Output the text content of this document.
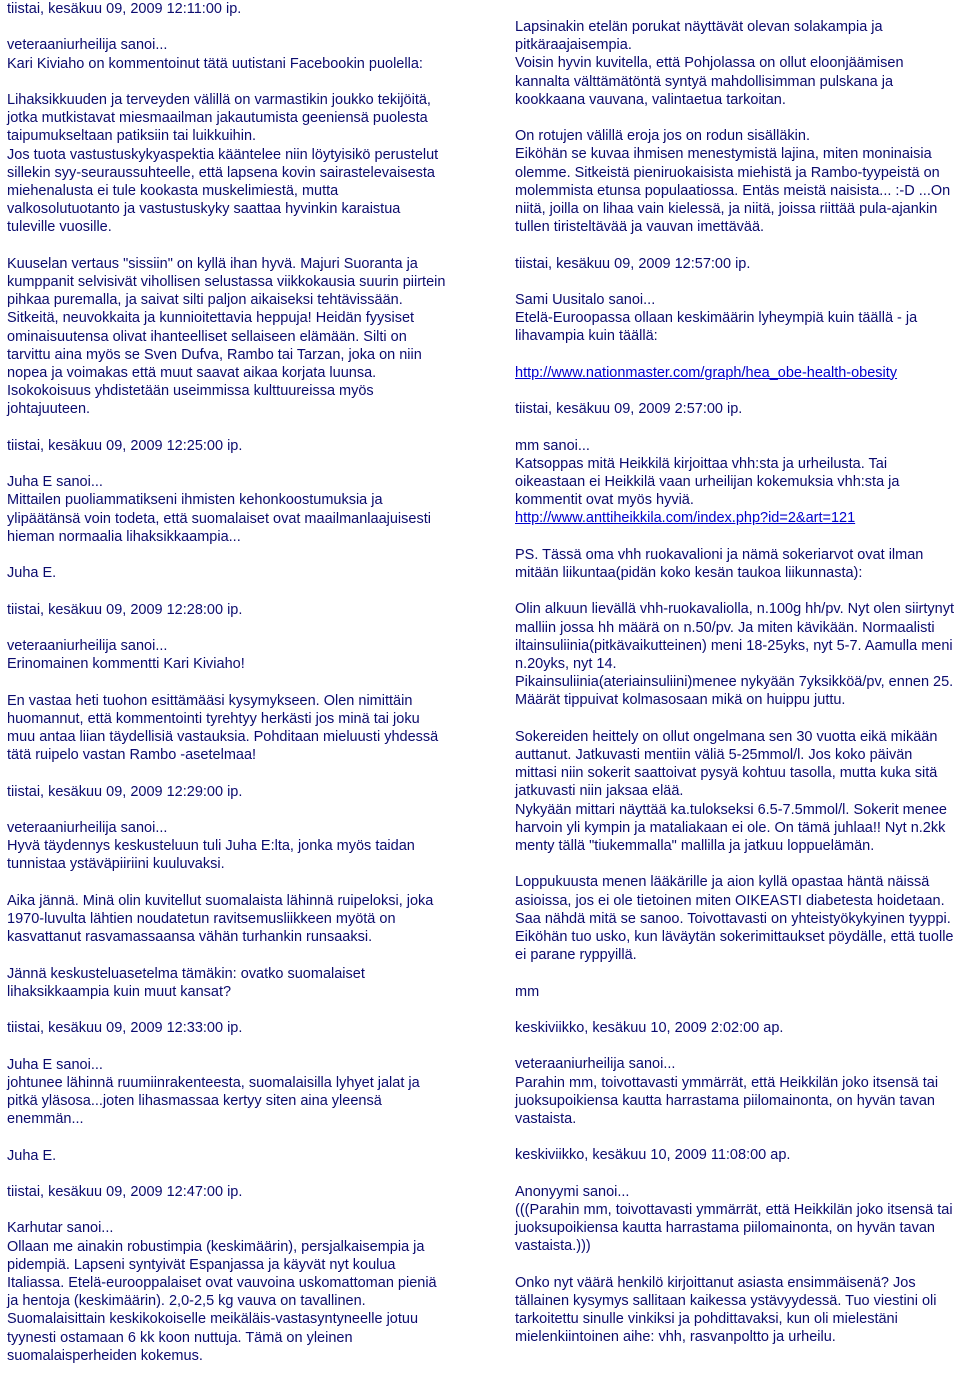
tiistai, kesäkuu 09, 2009 12:11:00 ip.

veteraaniurheilija sanoi...

Kari Kiviaho on kommentoinut tätä uutistani Facebookin puolella:

Lihaksikkuuden ja terveyden välillä on varmastikin joukko tekijöitä, jotka mutkistavat miesmaailman jakautumista geeniensä puolesta taipumukseltaan patiksiin tai luikkuihin.

Jos tuota vastustuskykyaspektia kääntelee niin löytyisikö perustelut sillekin syy-seuraussuhteelle, että lapsena kovin sairastelevaisesta miehenalusta ei tule kookasta muskelimiestä, mutta valkosolutuotanto ja vastustuskyky saattaa hyvinkin karaistua tuleville vuosille.

Kuuselan vertaus "sissiin" on kyllä ihan hyvä. Majuri Suoranta ja kumppanit selvisivät vihollisen selustassa viikkokausia suurin piirtein pihkaa puremalla, ja saivat silti paljon aikaiseksi tehtävissään. Sitkeitä, neuvokkaita ja kunnioitettavia heppuja! Heidän fyysiset ominaisuutensa olivat ihanteelliset sellaiseen elämään. Silti on tarvittu aina myös se Sven Dufva, Rambo tai Tarzan, joka on niin nopea ja voimakas että muut saavat aikaa korjata luunsa. Isokokoisuus yhdistetään useimmissa kulttuureissa myös johtajuuteen.

tiistai, kesäkuu 09, 2009 12:25:00 ip.

Juha E sanoi...

Mittailen puoliammatikseni ihmisten kehonkoostumuksia ja ylipäätänsä voin todeta, että suomalaiset ovat maailmanlaajuisesti hieman normaalia lihaksikkaampia...

Juha E.

tiistai, kesäkuu 09, 2009 12:28:00 ip.

veteraaniurheilija sanoi...

Erinomainen kommentti Kari Kiviaho!

En vastaa heti tuohon esittämääsi kysymykseen. Olen nimittäin huomannut, että kommentointi tyrehtyy herkästi jos minä tai joku muu antaa liian täydellisiä vastauksia. Pohditaan mieluusti yhdessä tätä ruipelo vastan Rambo -asetelmaa!

tiistai, kesäkuu 09, 2009 12:29:00 ip.

veteraaniurheilija sanoi...

Hyvä täydennys keskusteluun tuli Juha E:lta, jonka myös taidan tunnistaa ystäväpiiriini kuuluvaksi.

Aika jännä. Minä olin kuvitellut suomalaista lähinnä ruipeloksi, joka 1970-luvulta lähtien noudatetun ravitsemusliikkeen myötä on kasvattanut rasvamassaansa vähän turhankin runsaaksi.

Jännä keskusteluasetelma tämäkin: ovatko suomalaiset lihaksikkaampia kuin muut kansat?

tiistai, kesäkuu 09, 2009 12:33:00 ip.

Juha E sanoi...

johtunee lähinnä ruumiinrakenteesta, suomalaisilla lyhyet jalat ja pitkä yläsosa...joten lihasmassaa kertyy siten aina yleensä enemmän...

Juha E.

tiistai, kesäkuu 09, 2009 12:47:00 ip.

Karhutar sanoi...

Ollaan me ainakin robustimpia (keskimäärin), persjalkaisempia ja pidempiä. Lapseni syntyivät Espanjassa ja käyvät nyt koulua Italiassa. Etelä-eurooppalaiset ovat vauvoina uskomattoman pieniä ja hentoja (keskimäärin). 2,0-2,5 kg vauva on tavallinen. Suomalaisittain keskikokoiselle meikäläis-vastasyntyneelle jotuu tyynesti ostamaan 6 kk koon nuttuja. Tämä on yleinen suomalaisperheiden kokemus.

Lapsinakin etelän porukat näyttävät olevan solakampia ja pitkäraajaisempia.
Voisin hyvin kuvitella, että Pohjolassa on ollut eloonjäämisen kannalta välttämätöntä syntyä mahdollisimman pulskana ja kookkaana vauvana, valintaetua tarkoitan.

On rotujen välillä eroja jos on rodun sisälläkin.
Eiköhän se kuvaa ihmisen menestymistä lajina, miten moninaisia olemme. Sitkeistä pieniruokaisista miehistä ja Rambo-tyypeistä on molemmista etunsa populaatiossa. Entäs meistä naisista... :-D ...On niitä, joilla on lihaa vain kielessä, ja niitä, joissa riittää pula-ajankin tullen tiristeltävää ja vauvan imettävää.

tiistai, kesäkuu 09, 2009 12:57:00 ip.

Sami Uusitalo sanoi...

Etelä-Euroopassa ollaan keskimäärin lyheympiä kuin täällä - ja lihavampia kuin täällä:

http://www.nationmaster.com/graph/hea_obe-health-obesity

tiistai, kesäkuu 09, 2009 2:57:00 ip.

mm sanoi...

Katsoppas mitä Heikkilä kirjoittaa vhh:sta ja urheilusta. Tai oikeastaan ei Heikkilä vaan urheilijan kokemuksia vhh:sta ja kommentit ovat myös hyviä.

http://www.anttiheikkila.com/index.php?id=2&art=121

PS. Tässä oma vhh ruokavalioni ja nämä sokeriarvot ovat ilman mitään liikuntaa(pidän koko kesän taukoa liikunnasta):

Olin alkuun lievällä vhh-ruokavaliolla, n.100g hh/pv. Nyt olen siirtynyt malliin jossa hh määrä on n.50/pv. Ja miten kävikään. Normaalisti iltainsuliinia(pitkävaikutteinen) meni 18-25yks, nyt 5-7. Aamulla meni n.20yks, nyt 14.
Pikainsuliinia(ateriainsuliini)menee nykyään 7yksikköä/pv, ennen 25. Määrät tippuivat kolmasosaan mikä on huippu juttu.

Sokereiden heittely on ollut ongelmana sen 30 vuotta eikä mikään auttanut. Jatkuvasti mentiin väliä 5-25mmol/l. Jos koko päivän mittasi niin sokerit saattoivat pysyä kohtuu tasolla, mutta kuka sitä jatkuvasti niin jaksaa elää.
Nykyään mittari näyttää ka.tulokseksi 6.5-7.5mmol/l. Sokerit menee harvoin yli kympin ja mataliakaan ei ole. On tämä juhlaa!! Nyt n.2kk menty tällä "tiukemmalla" mallilla ja jatkuu loppuelämän.

Loppukuusta menen lääkärille ja aion kyllä opastaa häntä näissä asioissa, jos ei ole tietoinen miten OIKEASTI diabetesta hoidetaan. Saa nähdä mitä se sanoo. Toivottavasti on yhteistyökykyinen tyyppi. Eiköhän tuo usko, kun läväytän sokerimittaukset pöydälle, että tuolle ei parane ryppyillä.

mm

keskiviikko, kesäkuu 10, 2009 2:02:00 ap.

veteraaniurheilija sanoi...

Parahin mm, toivottavasti ymmärrät, että Heikkilän joko itsensä tai juoksupoikiensa kautta harrastama piilomainonta, on hyvän tavan vastaista.

keskiviikko, kesäkuu 10, 2009 11:08:00 ap.

Anonyymi sanoi...

(((Parahin mm, toivottavasti ymmärrät, että Heikkilän joko itsensä tai juoksupoikiensa kautta harrastama piilomainonta, on hyvän tavan vastaista.)))

Onko nyt väärä henkilö kirjoittanut asiasta ensimmäisenä? Jos tällainen kysymys sallitaan kaikessa ystävyydessä. Tuo viestini oli tarkoitettu sinulle vinkiksi ja pohdittavaksi, kun oli mielestäni mielenkiintoinen aihe: vhh, rasvanpoltto ja urheilu.
